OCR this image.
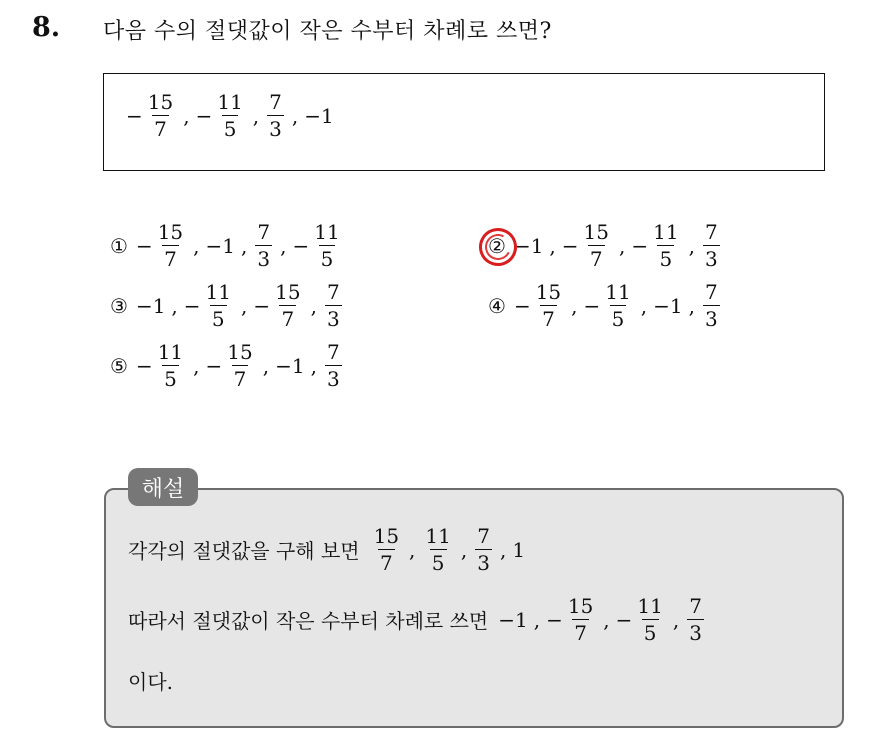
8. 다음 수의 절댓값이 작은 수부터 차례로 쓰면?
− $\frac{15}{7}$ , − $\frac{11}{5}$ , $\frac{7}{3}$ , −1
① − $\frac{15}{7}$ , −1 , $\frac{7}{3}$ , − $\frac{11}{5}$	② −1 , − $\frac{15}{7}$ , − $\frac{11}{5}$ , $\frac{7}{3}$
③ −1 , − $\frac{11}{5}$ , − $\frac{15}{7}$ , $\frac{7}{3}$	④ − $\frac{15}{7}$ , − $\frac{11}{5}$ , −1 , $\frac{7}{3}$
⑤ − $\frac{11}{5}$ , − $\frac{15}{7}$ , −1 , $\frac{7}{3}$
해설
각각의 절댓값을 구해 보면 $\frac{15}{7}$ , $\frac{11}{5}$ , $\frac{7}{3}$ , 1
따라서 절댓값이 작은 수부터 차례로 쓰면 −1 , − $\frac{15}{7}$ , − $\frac{11}{5}$ , $\frac{7}{3}$
이다.
